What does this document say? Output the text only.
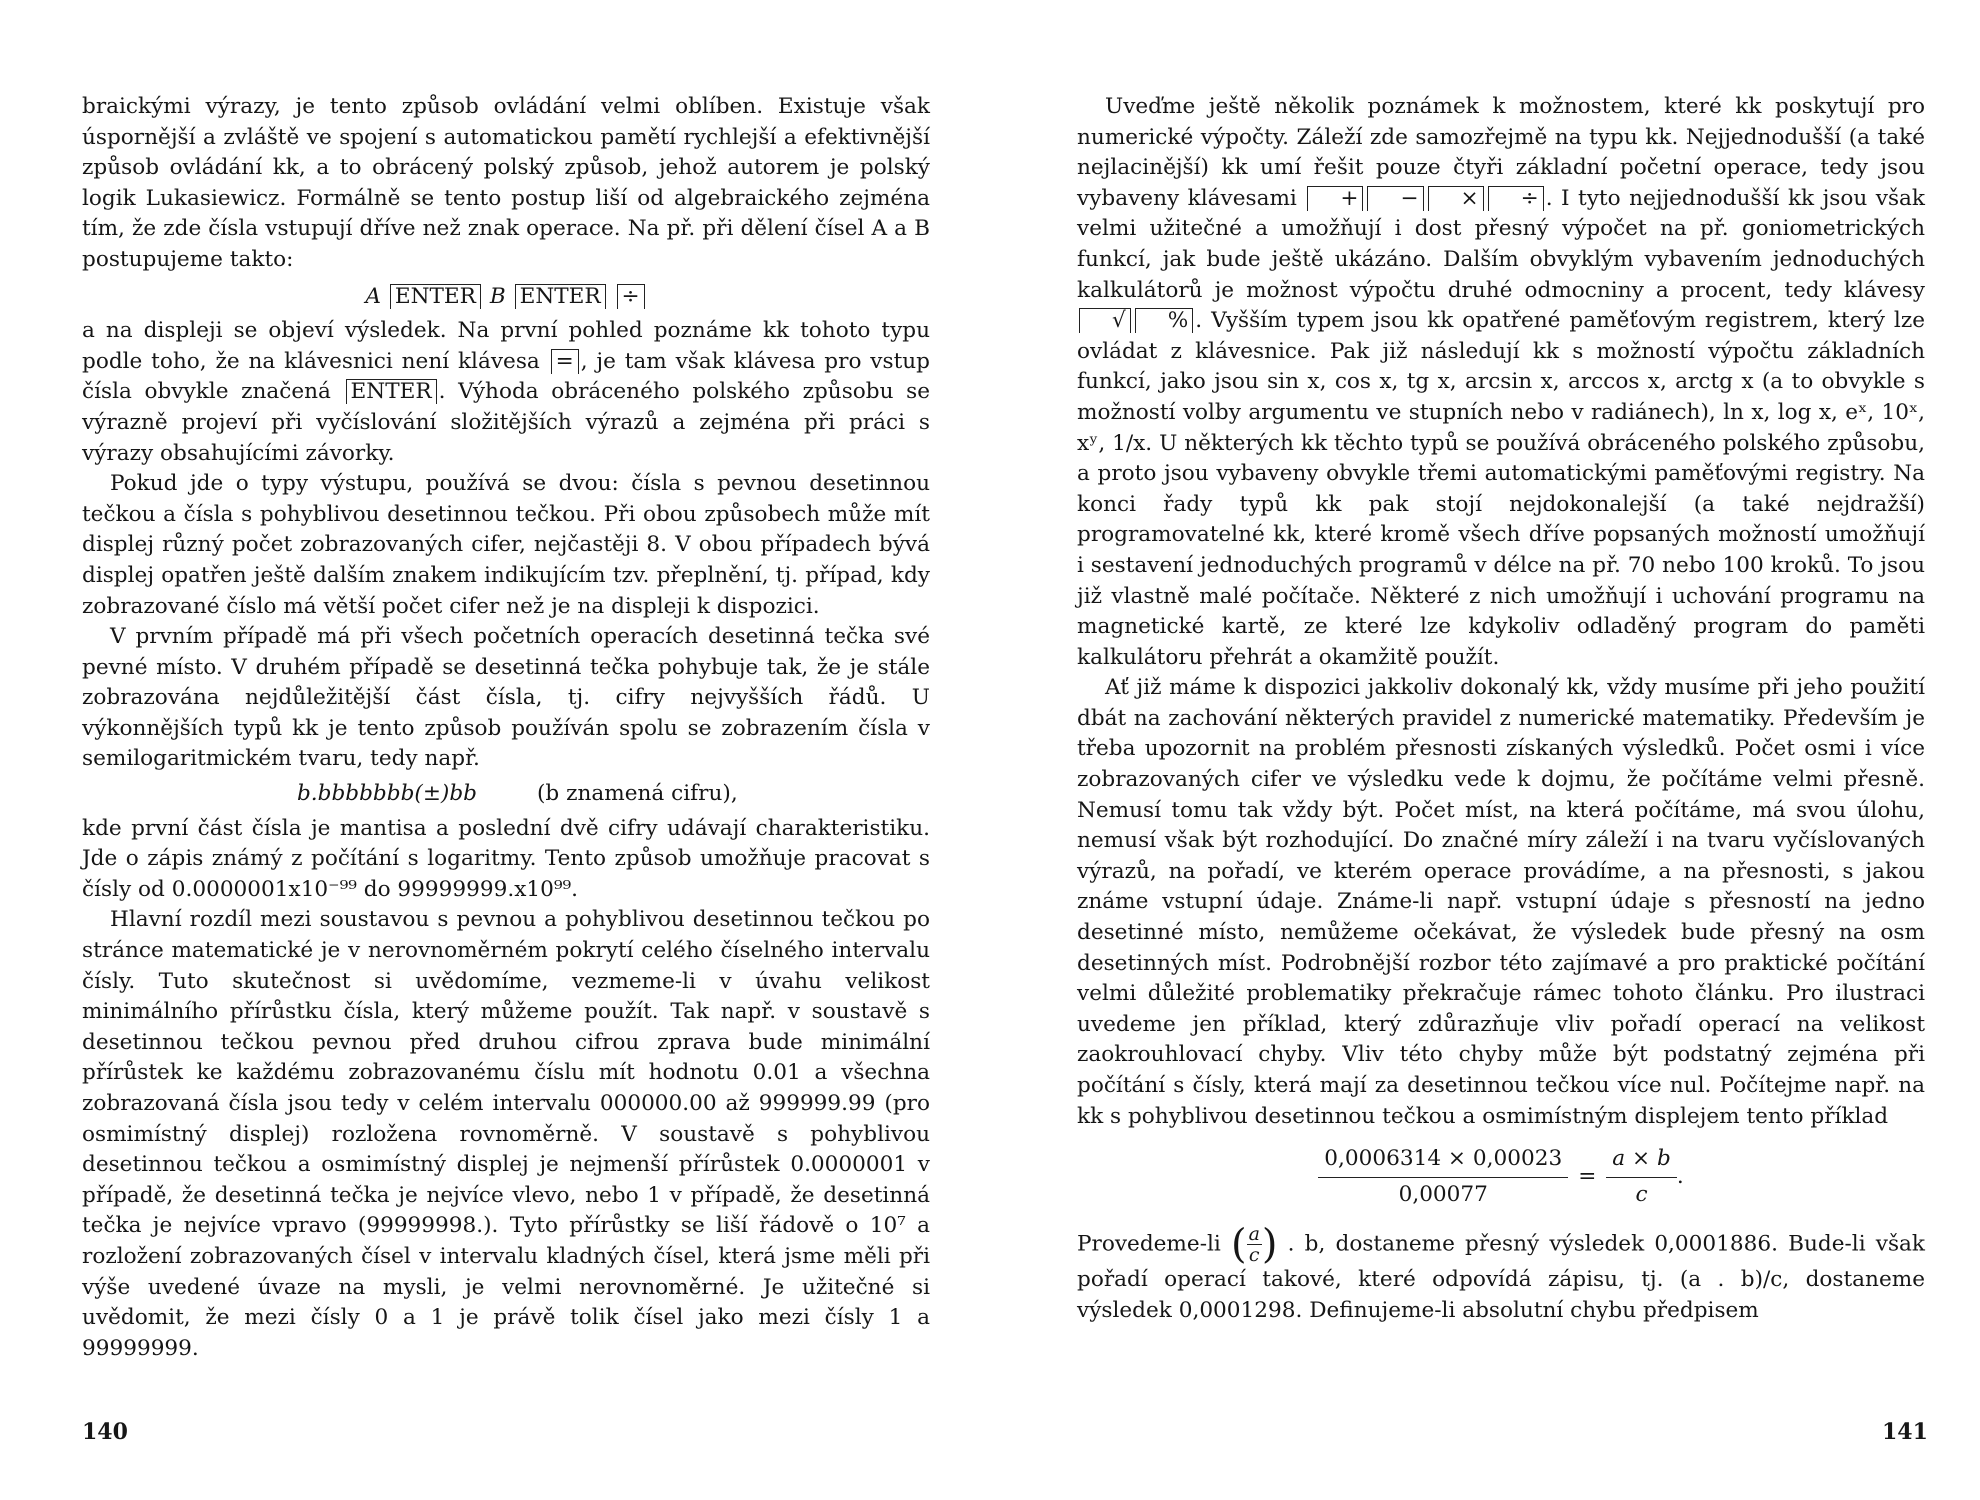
braickými výrazy, je tento způsob ovládání velmi oblíben. Existuje však úspornější a zvláště ve spojení s automatickou pamětí rychlejší a efektivnější způsob ovládání kk, a to obrácený polský způsob, jehož autorem je polský logik Lukasiewicz. Formálně se tento postup liší od algebraického zejména tím, že zde čísla vstupují dříve než znak operace. Na př. při dělení čísel A a B postupujeme takto:

A ENTER B ENTER ÷

a na displeji se objeví výsledek. Na první pohled poznáme kk tohoto typu podle toho, že na klávesnici není klávesa = , je tam však klávesa pro vstup čísla obvykle značená ENTER . Výhoda obráceného polského způsobu se výrazně projeví při vyčíslování složitějších výrazů a zejména při práci s výrazy obsahujícími závorky.

Pokud jde o typy výstupu, používá se dvou: čísla s pevnou desetinnou tečkou a čísla s pohyblivou desetinnou tečkou. Při obou způsobech může mít displej různý počet zobrazovaných cifer, nejčastěji 8. V obou případech bývá displej opatřen ještě dalším znakem indikujícím tzv. přeplnění, tj. případ, kdy zobrazované číslo má větší počet cifer než je na displeji k dispozici.

V prvním případě má při všech početních operacích desetinná tečka své pevné místo. V druhém případě se desetinná tečka pohybuje tak, že je stále zobrazována nejdůležitější část čísla, tj. cifry nejvyšších řádů. U výkonnějších typů kk je tento způsob používán spolu se zobrazením čísla v semilogaritmickém tvaru, tedy např.

b.bbbbbbb(±)bb	(b znamená cifru),

kde první část čísla je mantisa a poslední dvě cifry udávají charakteristiku. Jde o zápis známý z počítání s logaritmy. Tento způsob umožňuje pracovat s čísly od 0.0000001x10⁻⁹⁹ do 99999999.x10⁹⁹.

Hlavní rozdíl mezi soustavou s pevnou a pohyblivou desetinnou tečkou po stránce matematické je v nerovnoměrném pokrytí celého číselného intervalu čísly. Tuto skutečnost si uvědomíme, vezmeme-li v úvahu velikost minimálního přírůstku čísla, který můžeme použít. Tak např. v soustavě s desetinnou tečkou pevnou před druhou cifrou zprava bude minimální přírůstek ke každému zobrazovanému číslu mít hodnotu 0.01 a všechna zobrazovaná čísla jsou tedy v celém intervalu 000000.00 až 999999.99 (pro osmimístný displej) rozložena rovnoměrně. V soustavě s pohyblivou desetinnou tečkou a osmimístný displej je nejmenší přírůstek 0.0000001 v případě, že desetinná tečka je nejvíce vlevo, nebo 1 v případě, že desetinná tečka je nejvíce vpravo (99999998.). Tyto přírůstky se liší řádově o 10⁷ a rozložení zobrazovaných čísel v intervalu kladných čísel, která jsme měli při výše uvedené úvaze na mysli, je velmi nerovnoměrné. Je užitečné si uvědomit, že mezi čísly 0 a 1 je právě tolik čísel jako mezi čísly 1 a 99999999.

140

Uveďme ještě několik poznámek k možnostem, které kk poskytují pro numerické výpočty. Záleží zde samozřejmě na typu kk. Nejjednodušší (a také nejlacinější) kk umí řešit pouze čtyři základní početní operace, tedy jsou vybaveny klávesami + − × ÷ . I tyto nejjednodušší kk jsou však velmi užitečné a umožňují i dost přesný výpočet na př. goniometrických funkcí, jak bude ještě ukázáno. Dalším obvyklým vybavením jednoduchých kalkulátorů je možnost výpočtu druhé odmocniny a procent, tedy klávesy √ % . Vyšším typem jsou kk opatřené paměťovým registrem, který lze ovládat z klávesnice. Pak již následují kk s možností výpočtu základních funkcí, jako jsou sin x, cos x, tg x, arcsin x, arccos x, arctg x (a to obvykle s možností volby argumentu ve stupních nebo v radiánech), ln x, log x, eˣ, 10ˣ, xʸ, 1/x. U některých kk těchto typů se používá obráceného polského způsobu, a proto jsou vybaveny obvykle třemi automatickými paměťovými registry. Na konci řady typů kk pak stojí nejdokonalejší (a také nejdražší) programovatelné kk, které kromě všech dříve popsaných možností umožňují i sestavení jednoduchých programů v délce na př. 70 nebo 100 kroků. To jsou již vlastně malé počítače. Některé z nich umožňují i uchování programu na magnetické kartě, ze které lze kdykoliv odladěný program do paměti kalkulátoru přehrát a okamžitě použít.

Ať již máme k dispozici jakkoliv dokonalý kk, vždy musíme při jeho použití dbát na zachování některých pravidel z numerické matematiky. Především je třeba upozornit na problém přesnosti získaných výsledků. Počet osmi i více zobrazovaných cifer ve výsledku vede k dojmu, že počítáme velmi přesně. Nemusí tomu tak vždy být. Počet míst, na která počítáme, má svou úlohu, nemusí však být rozhodující. Do značné míry záleží i na tvaru vyčíslovaných výrazů, na pořadí, ve kterém operace provádíme, a na přesnosti, s jakou známe vstupní údaje. Známe-li např. vstupní údaje s přesností na jedno desetinné místo, nemůžeme očekávat, že výsledek bude přesný na osm desetinných míst. Podrobnější rozbor této zajímavé a pro praktické počítání velmi důležité problematiky překračuje rámec tohoto článku. Pro ilustraci uvedeme jen příklad, který zdůrazňuje vliv pořadí operací na velikost zaokrouhlovací chyby. Vliv této chyby může být podstatný zejména při počítání s čísly, která mají za desetinnou tečkou více nul. Počítejme např. na kk s pohyblivou desetinnou tečkou a osmimístným displejem tento příklad

$\frac{0,0006314 \times 0,00023}{0,00077} = \frac{a \times b}{c}$ .

Provedeme-li ( $\frac{a}{c}$ ) . b, dostaneme přesný výsledek 0,0001886. Bude-li však pořadí operací takové, které odpovídá zápisu, tj. (a . b)/c, dostaneme výsledek 0,0001298. Definujeme-li absolutní chybu předpisem

141
